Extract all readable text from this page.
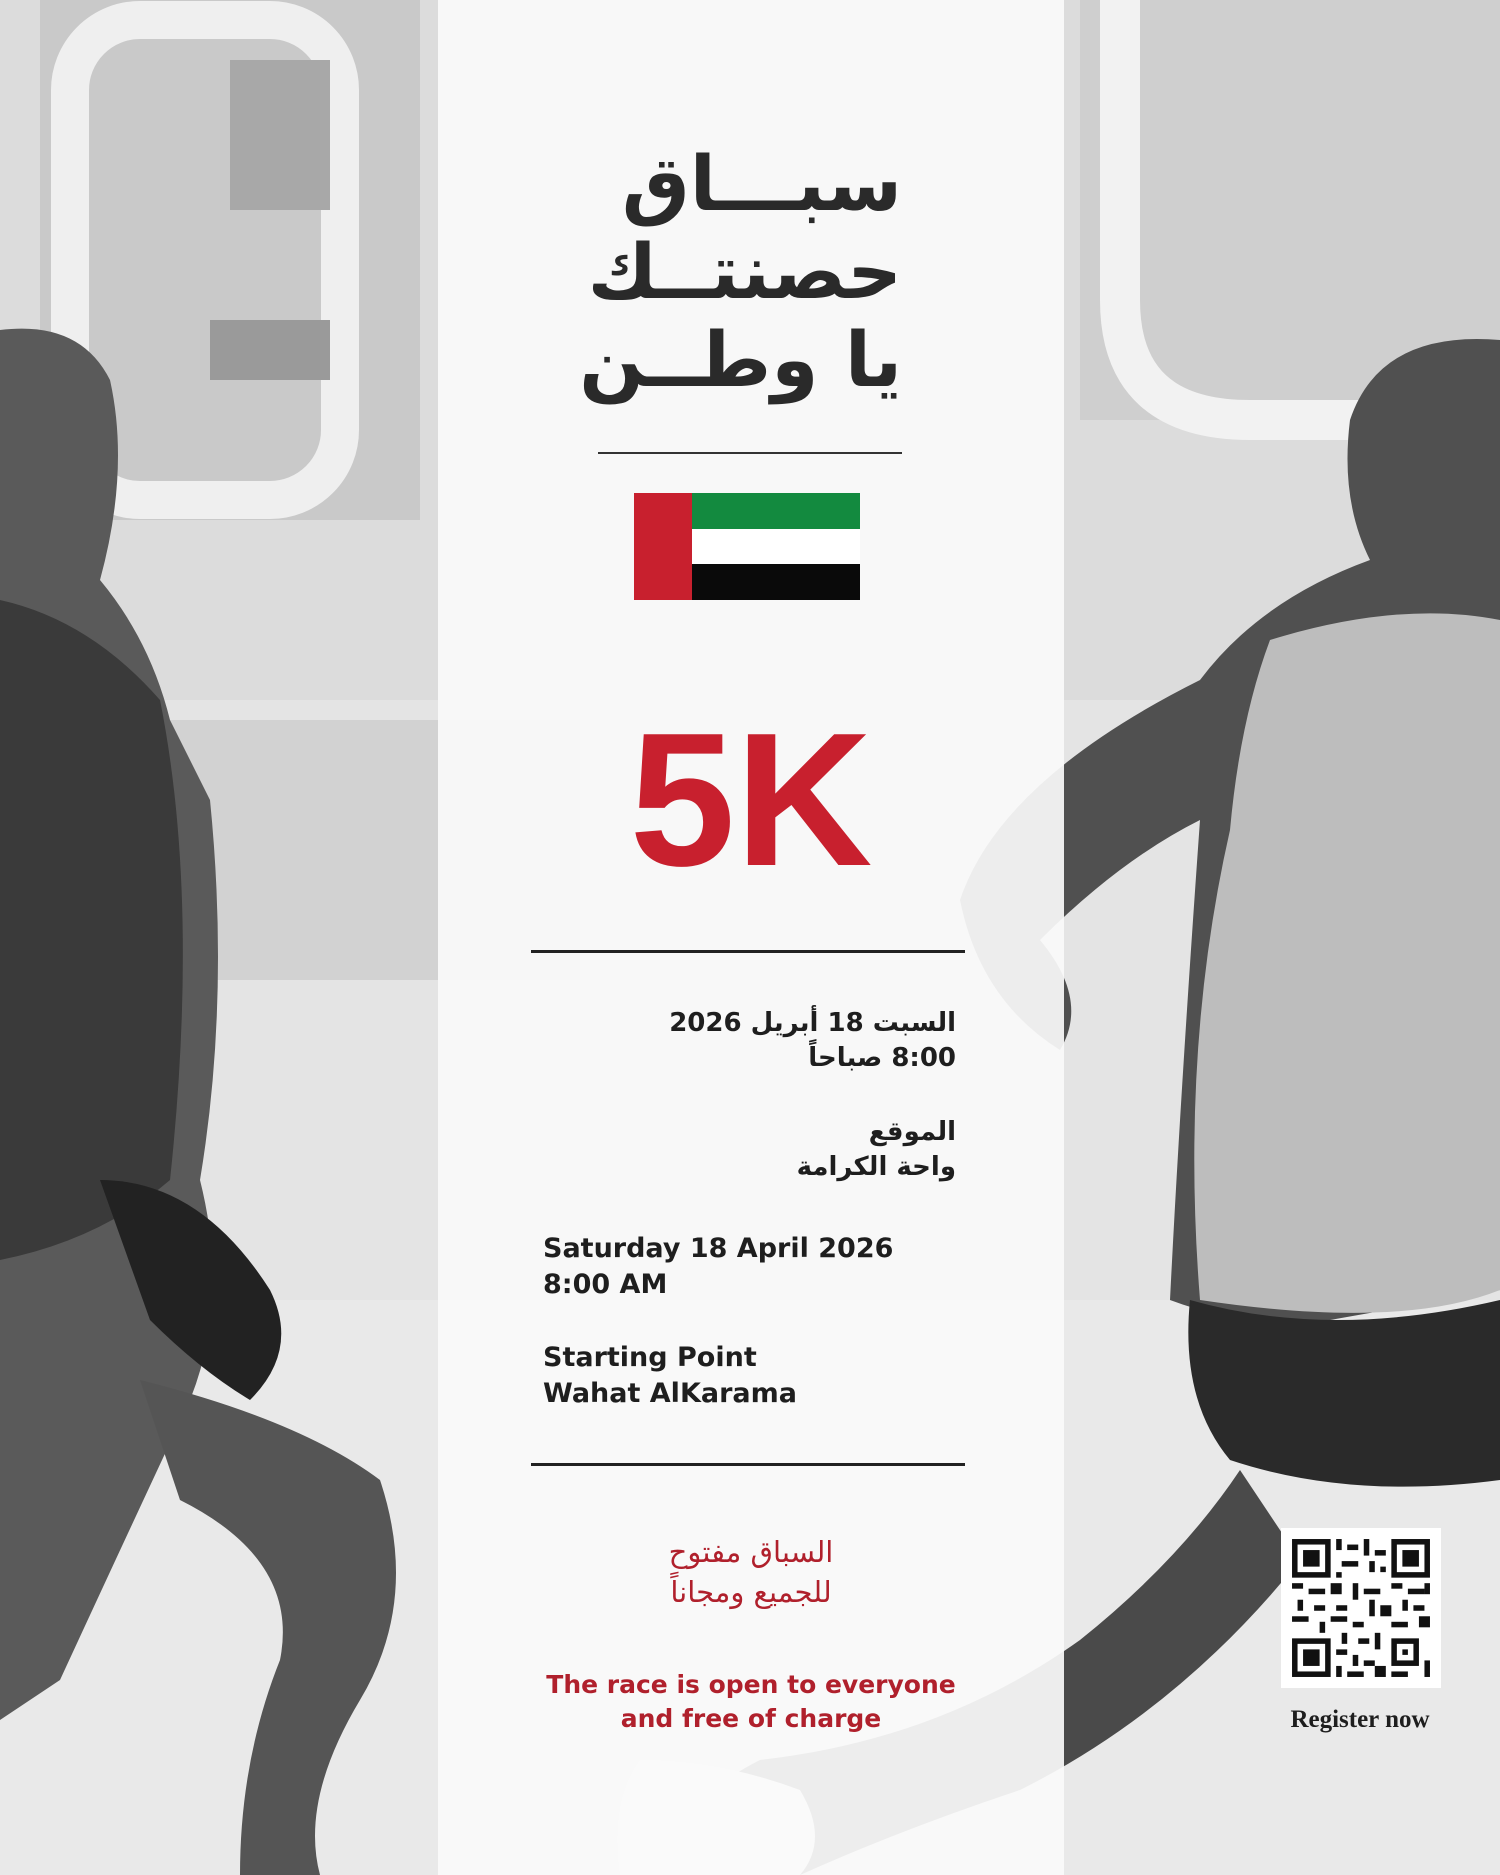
سبـــاق
حصنتــك
يا وطــن
5K
السبت 18 أبريل 2026
8:00 صباحاً
الموقع
واحة الكرامة
Saturday 18 April 2026
8:00 AM
Starting Point
Wahat AlKarama
السباق مفتوح
للجميع ومجاناً
The race is open to everyone
and free of charge	Register now
